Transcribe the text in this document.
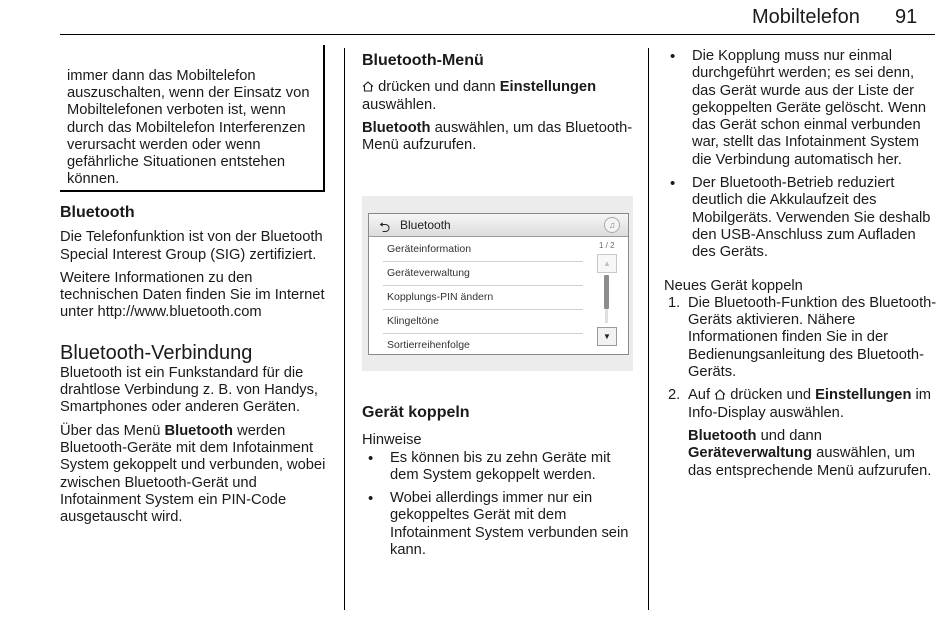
Mobiltelefon 91

immer dann das Mobiltelefon auszuschalten, wenn der Einsatz von Mobiltelefonen verboten ist, wenn durch das Mobiltelefon Interferenzen verursacht werden oder wenn gefährliche Situationen entstehen können.

Bluetooth

Die Telefonfunktion ist von der Bluetooth Special Interest Group (SIG) zertifiziert.

Weitere Informationen zu den technischen Daten finden Sie im Internet unter http://www.bluetooth.com

Bluetooth-Verbindung

Bluetooth ist ein Funkstandard für die drahtlose Verbindung z. B. von Handys, Smartphones oder anderen Geräten.

Über das Menü Bluetooth werden Bluetooth-Geräte mit dem Infotainment System gekoppelt und verbunden, wobei zwischen Bluetooth-Gerät und Infotainment System ein PIN-Code ausgetauscht wird.

Bluetooth-Menü

drücken und dann Einstellungen auswählen.

Bluetooth auswählen, um das Bluetooth-Menü aufzurufen.

⮌ Bluetooth	♫
Geräteinformation
Geräteverwaltung
Kopplungs-PIN ändern
Klingeltöne
Sortierreihenfolge
1 / 2
▲
▼

Gerät koppeln

Hinweise

• Es können bis zu zehn Geräte mit dem System gekoppelt werden.
• Wobei allerdings immer nur ein gekoppeltes Gerät mit dem Infotainment System verbunden sein kann.
• Die Kopplung muss nur einmal durchgeführt werden; es sei denn, das Gerät wurde aus der Liste der gekoppelten Geräte gelöscht. Wenn das Gerät schon einmal verbunden war, stellt das Infotainment System die Verbindung automatisch her.
• Der Bluetooth-Betrieb reduziert deutlich die Akkulaufzeit des Mobilgeräts. Verwenden Sie deshalb den USB-Anschluss zum Aufladen des Geräts.

Neues Gerät koppeln

1. Die Bluetooth-Funktion des Bluetooth-Geräts aktivieren. Nähere Informationen finden Sie in der Bedienungsanleitung des Bluetooth-Geräts.
2. Auf  drücken und Einstellungen im Info-Display auswählen.

Bluetooth und dann Geräteverwaltung auswählen, um das entsprechende Menü aufzurufen.
